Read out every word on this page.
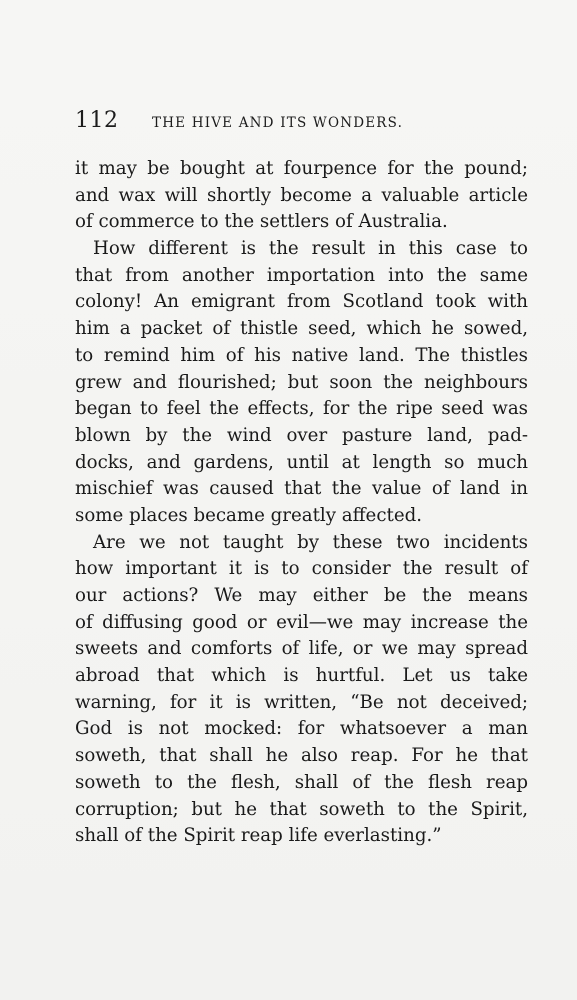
112 THE HIVE AND ITS WONDERS.
it may be bought at fourpence for the pound;
and wax will shortly become a valuable article
of commerce to the settlers of Australia.
How different is the result in this case to
that from another importation into the same
colony! An emigrant from Scotland took with
him a packet of thistle seed, which he sowed,
to remind him of his native land. The thistles
grew and flourished; but soon the neighbours
began to feel the effects, for the ripe seed was
blown by the wind over pasture land, pad-
docks, and gardens, until at length so much
mischief was caused that the value of land in
some places became greatly affected.
Are we not taught by these two incidents
how important it is to consider the result of
our actions? We may either be the means
of diffusing good or evil—we may increase the
sweets and comforts of life, or we may spread
abroad that which is hurtful. Let us take
warning, for it is written, “Be not deceived;
God is not mocked: for whatsoever a man
soweth, that shall he also reap. For he that
soweth to the flesh, shall of the flesh reap
corruption; but he that soweth to the Spirit,
shall of the Spirit reap life everlasting.”
